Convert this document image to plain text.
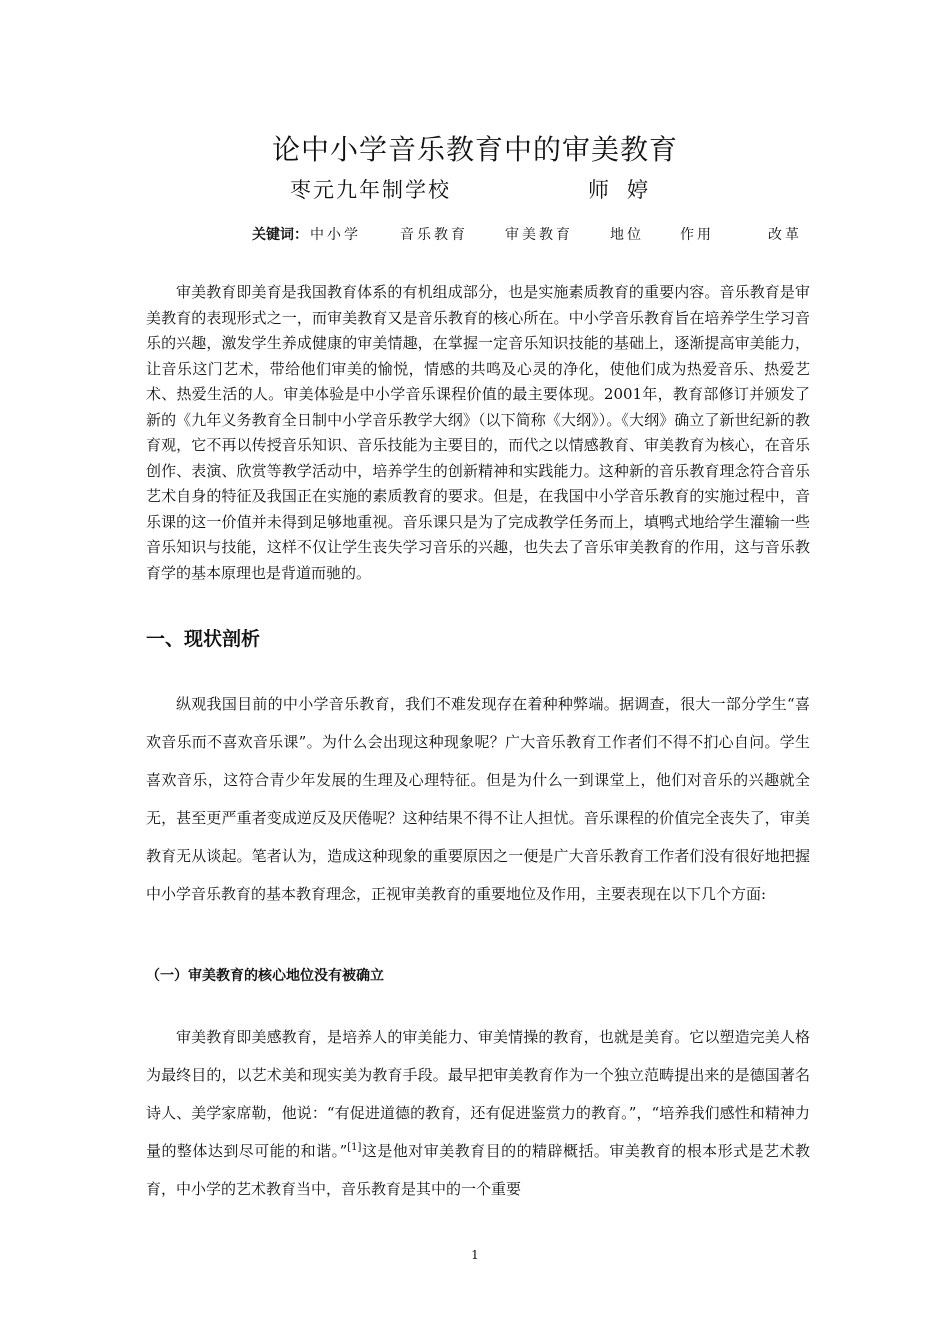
论中小学音乐教育中的审美教育
枣元九年制学校	师婷
关键词： 中小学	音乐教育	审美教育	地位	作用	改革

审美教育即美育是我国教育体系的有机组成部分，也是实施素质教育的重要内容。音乐教育是审美教育的表现形式之一，而审美教育又是音乐教育的核心所在。中小学音乐教育旨在培养学生学习音乐的兴趣，激发学生养成健康的审美情趣，在掌握一定音乐知识技能的基础上，逐渐提高审美能力，让音乐这门艺术，带给他们审美的愉悦，情感的共鸣及心灵的净化，使他们成为热爱音乐、热爱艺术、热爱生活的人。审美体验是中小学音乐课程价值的最主要体现。2001年，教育部修订并颁发了新的《九年义务教育全日制中小学音乐教学大纲》（以下简称《大纲》）。《大纲》确立了新世纪新的教育观，它不再以传授音乐知识、音乐技能为主要目的，而代之以情感教育、审美教育为核心，在音乐创作、表演、欣赏等教学活动中，培养学生的创新精神和实践能力。这种新的音乐教育理念符合音乐艺术自身的特征及我国正在实施的素质教育的要求。但是，在我国中小学音乐教育的实施过程中，音乐课的这一价值并未得到足够地重视。音乐课只是为了完成教学任务而上，填鸭式地给学生灌输一些音乐知识与技能，这样不仅让学生丧失学习音乐的兴趣，也失去了音乐审美教育的作用，这与音乐教育学的基本原理也是背道而驰的。

一、现状剖析

纵观我国目前的中小学音乐教育，我们不难发现存在着种种弊端。据调查，很大一部分学生“喜欢音乐而不喜欢音乐课”。为什么会出现这种现象呢？广大音乐教育工作者们不得不扪心自问。学生喜欢音乐，这符合青少年发展的生理及心理特征。但是为什么一到课堂上，他们对音乐的兴趣就全无，甚至更严重者变成逆反及厌倦呢？这种结果不得不让人担忧。音乐课程的价值完全丧失了，审美教育无从谈起。笔者认为，造成这种现象的重要原因之一便是广大音乐教育工作者们没有很好地把握中小学音乐教育的基本教育理念，正视审美教育的重要地位及作用，主要表现在以下几个方面:

（一）审美教育的核心地位没有被确立

审美教育即美感教育，是培养人的审美能力、审美情操的教育，也就是美育。它以塑造完美人格为最终目的，以艺术美和现实美为教育手段。最早把审美教育作为一个独立范畴提出来的是德国著名诗人、美学家席勒，他说：“有促进道德的教育，还有促进鉴赏力的教育。”，“培养我们感性和精神力量的整体达到尽可能的和谐。”[1]这是他对审美教育目的的精辟概括。审美教育的根本形式是艺术教育，中小学的艺术教育当中，音乐教育是其中的一个重要

1
